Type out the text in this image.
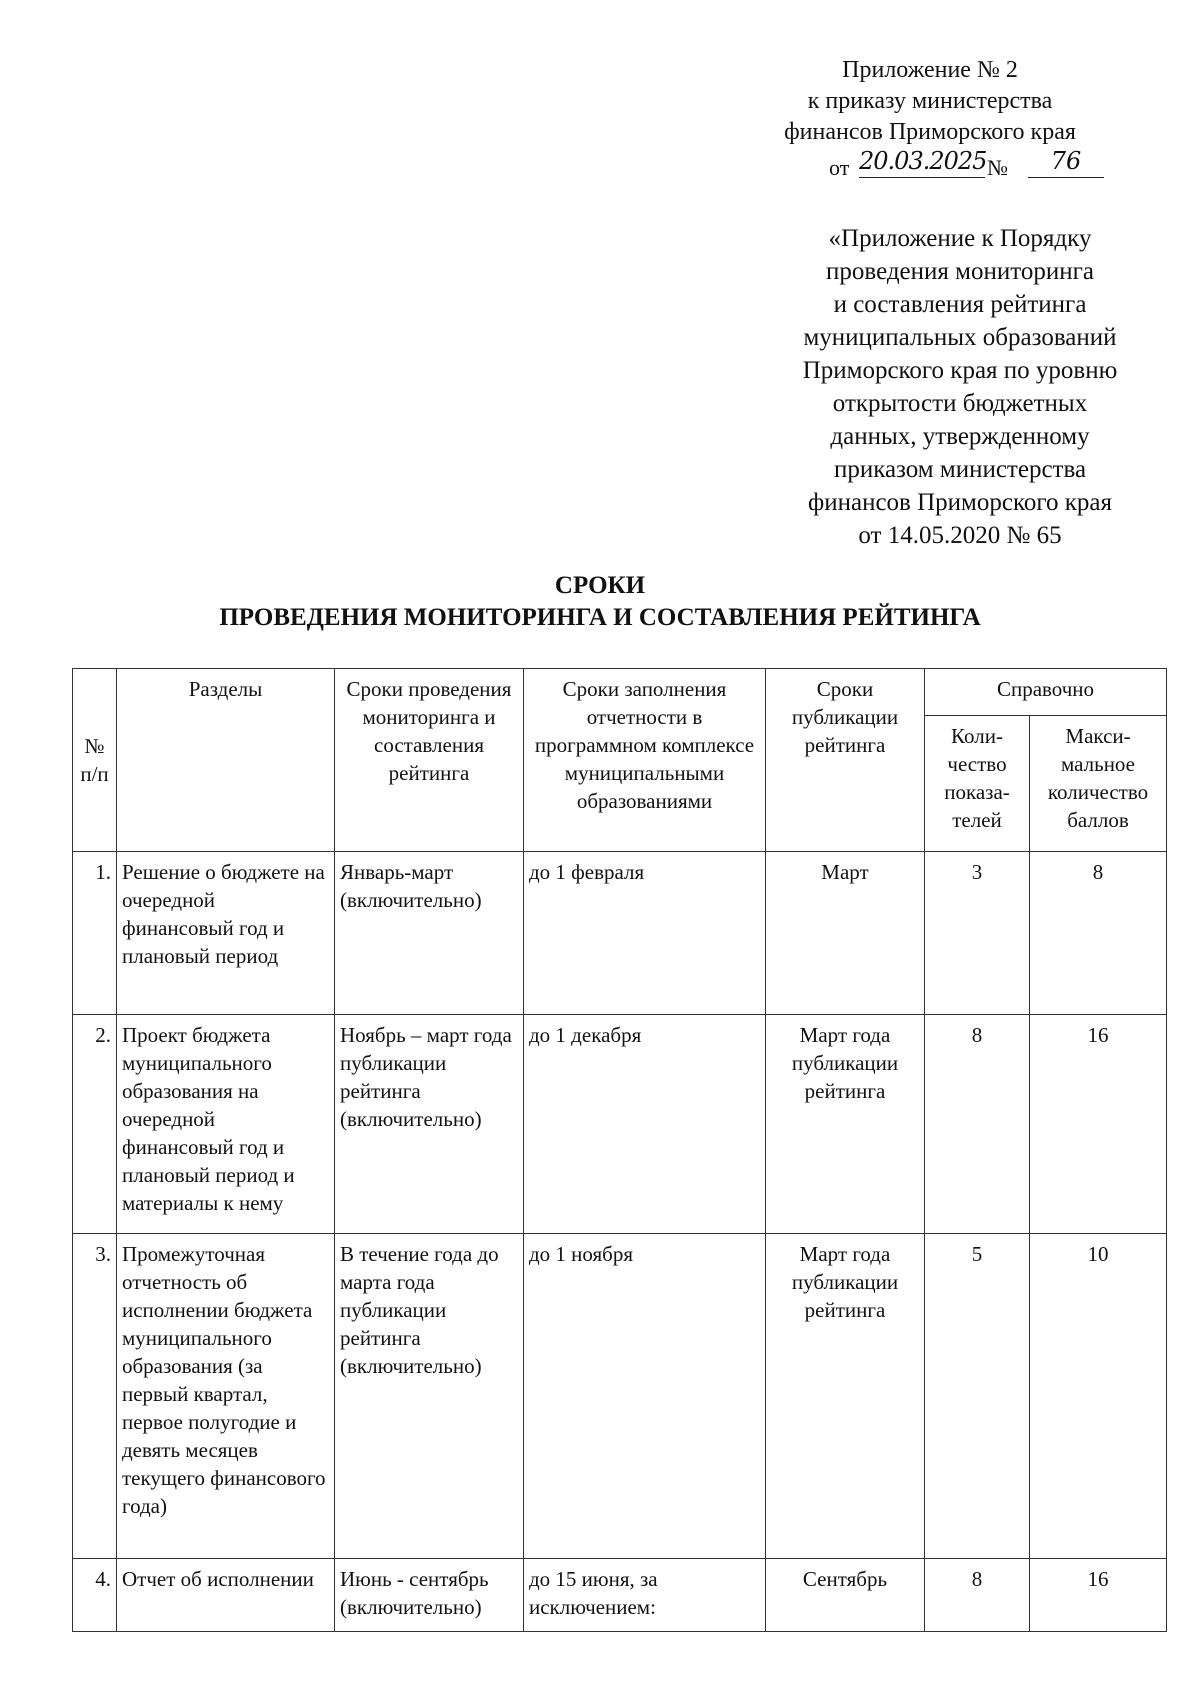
Приложение № 2
к приказу министерства
финансов Приморского края
от 20.03.2025 №	76
«Приложение к Порядку
проведения мониторинга
и составления рейтинга
муниципальных образований
Приморского края по уровню
открытости бюджетных
данных, утвержденному
приказом министерства
финансов Приморского края
от 14.05.2020 № 65
СРОКИ
ПРОВЕДЕНИЯ МОНИТОРИНГА И СОСТАВЛЕНИЯ РЕЙТИНГА
№ п/п	Разделы	Сроки проведения мониторинга и составления рейтинга	Сроки заполнения отчетности в программном комплексе муниципальными образованиями	Сроки публикации рейтинга	Справочно	
					Коли-чество показа-телей	Макси-мальное количество баллов
1.	Решение о бюджете на очередной финансовый год и плановый период	Январь-март (включительно)	до 1 февраля	Март	3	8
2.	Проект бюджета муниципального образования на очередной финансовый год и плановый период и материалы к нему	Ноябрь – март года публикации рейтинга (включительно)	до 1 декабря	Март года публикации рейтинга	8	16
3.	Промежуточная отчетность об исполнении бюджета муниципального образования (за первый квартал, первое полугодие и девять месяцев текущего финансового года)	В течение года до марта года публикации рейтинга (включительно)	до 1 ноября	Март года публикации рейтинга	5	10
4.	Отчет об исполнении	Июнь - сентябрь (включительно)	до 15 июня, за исключением:	Сентябрь	8	16
